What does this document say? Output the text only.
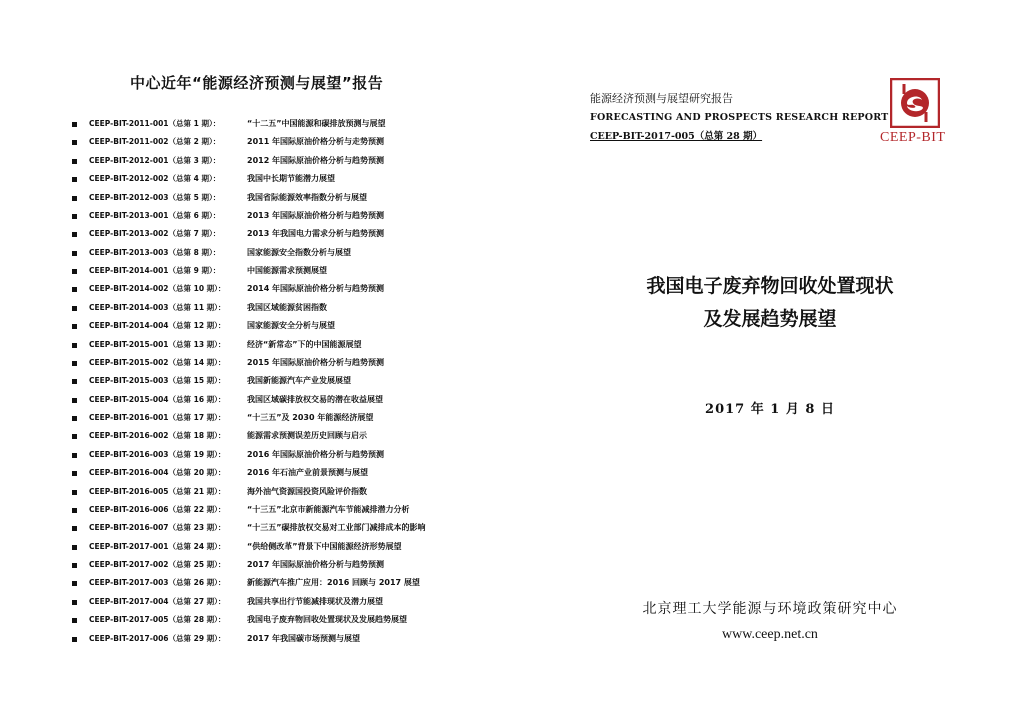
中心近年“能源经济预测与展望”报告
CEEP-BIT-2011-001（总第 1 期）：	“十二五”中国能源和碳排放预测与展望
CEEP-BIT-2011-002（总第 2 期）：	2011 年国际原油价格分析与走势预测
CEEP-BIT-2012-001（总第 3 期）：	2012 年国际原油价格分析与趋势预测
CEEP-BIT-2012-002（总第 4 期）：	我国中长期节能潜力展望
CEEP-BIT-2012-003（总第 5 期）：	我国省际能源效率指数分析与展望
CEEP-BIT-2013-001（总第 6 期）：	2013 年国际原油价格分析与趋势预测
CEEP-BIT-2013-002（总第 7 期）：	2013 年我国电力需求分析与趋势预测
CEEP-BIT-2013-003（总第 8 期）：	国家能源安全指数分析与展望
CEEP-BIT-2014-001（总第 9 期）：	中国能源需求预测展望
CEEP-BIT-2014-002（总第 10 期）：	2014 年国际原油价格分析与趋势预测
CEEP-BIT-2014-003（总第 11 期）：	我国区域能源贫困指数
CEEP-BIT-2014-004（总第 12 期）：	国家能源安全分析与展望
CEEP-BIT-2015-001（总第 13 期）：	经济“新常态”下的中国能源展望
CEEP-BIT-2015-002（总第 14 期）：	2015 年国际原油价格分析与趋势预测
CEEP-BIT-2015-003（总第 15 期）：	我国新能源汽车产业发展展望
CEEP-BIT-2015-004（总第 16 期）：	我国区域碳排放权交易的潜在收益展望
CEEP-BIT-2016-001（总第 17 期）：	“十三五”及 2030 年能源经济展望
CEEP-BIT-2016-002（总第 18 期）：	能源需求预测误差历史回顾与启示
CEEP-BIT-2016-003（总第 19 期）：	2016 年国际原油价格分析与趋势预测
CEEP-BIT-2016-004（总第 20 期）：	2016 年石油产业前景预测与展望
CEEP-BIT-2016-005（总第 21 期）：	海外油气资源国投资风险评价指数
CEEP-BIT-2016-006（总第 22 期）：	“十三五”北京市新能源汽车节能减排潜力分析
CEEP-BIT-2016-007（总第 23 期）：	“十三五”碳排放权交易对工业部门减排成本的影响
CEEP-BIT-2017-001（总第 24 期）：	“供给侧改革”背景下中国能源经济形势展望
CEEP-BIT-2017-002（总第 25 期）：	2017 年国际原油价格分析与趋势预测
CEEP-BIT-2017-003（总第 26 期）：	新能源汽车推广应用：2016 回顾与 2017 展望
CEEP-BIT-2017-004（总第 27 期）：	我国共享出行节能减排现状及潜力展望
CEEP-BIT-2017-005（总第 28 期）：	我国电子废弃物回收处置现状及发展趋势展望
CEEP-BIT-2017-006（总第 29 期）：	2017 年我国碳市场预测与展望
能源经济预测与展望研究报告
FORECASTING AND PROSPECTS RESEARCH REPORT
CEEP-BIT-2017-005（总第 28 期）	CEEP-BIT
我国电子废弃物回收处置现状
及发展趋势展望
2017 年 1 月 8 日
北京理工大学能源与环境政策研究中心
www.ceep.net.cn
